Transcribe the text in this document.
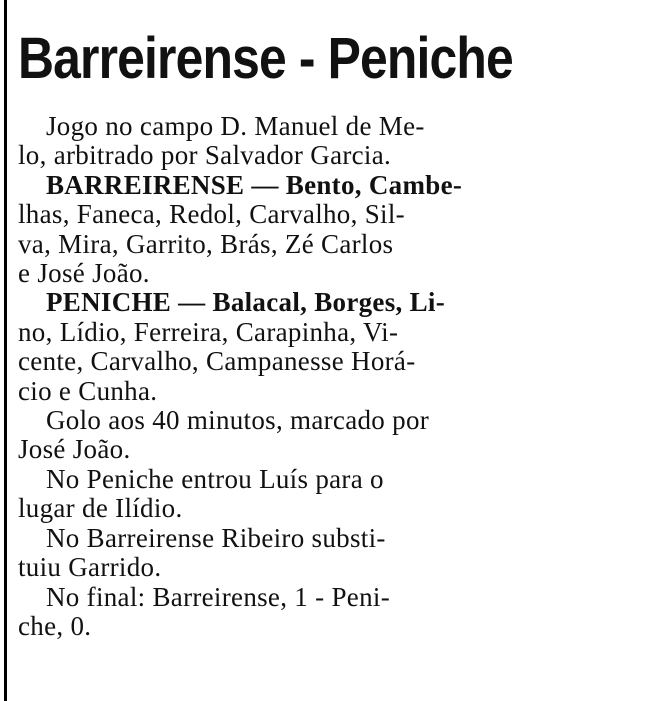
Barreirense - Peniche

Jogo no campo D. Manuel de Me-
lo, arbitrado por Salvador Garcia.

BARREIRENSE — Bento, Cambe-
lhas, Faneca, Redol, Carvalho, Sil-
va, Mira, Garrito, Brás, Zé Carlos
e José João.

PENICHE — Balacal, Borges, Li-
no, Lídio, Ferreira, Carapinha, Vi-
cente, Carvalho, Campanesse Horá-
cio e Cunha.

Golo aos 40 minutos, marcado por
José João.

No Peniche entrou Luís para o
lugar de Ilídio.

No Barreirense Ribeiro substi-
tuiu Garrido.

No final: Barreirense, 1 - Peni-
che, 0.
